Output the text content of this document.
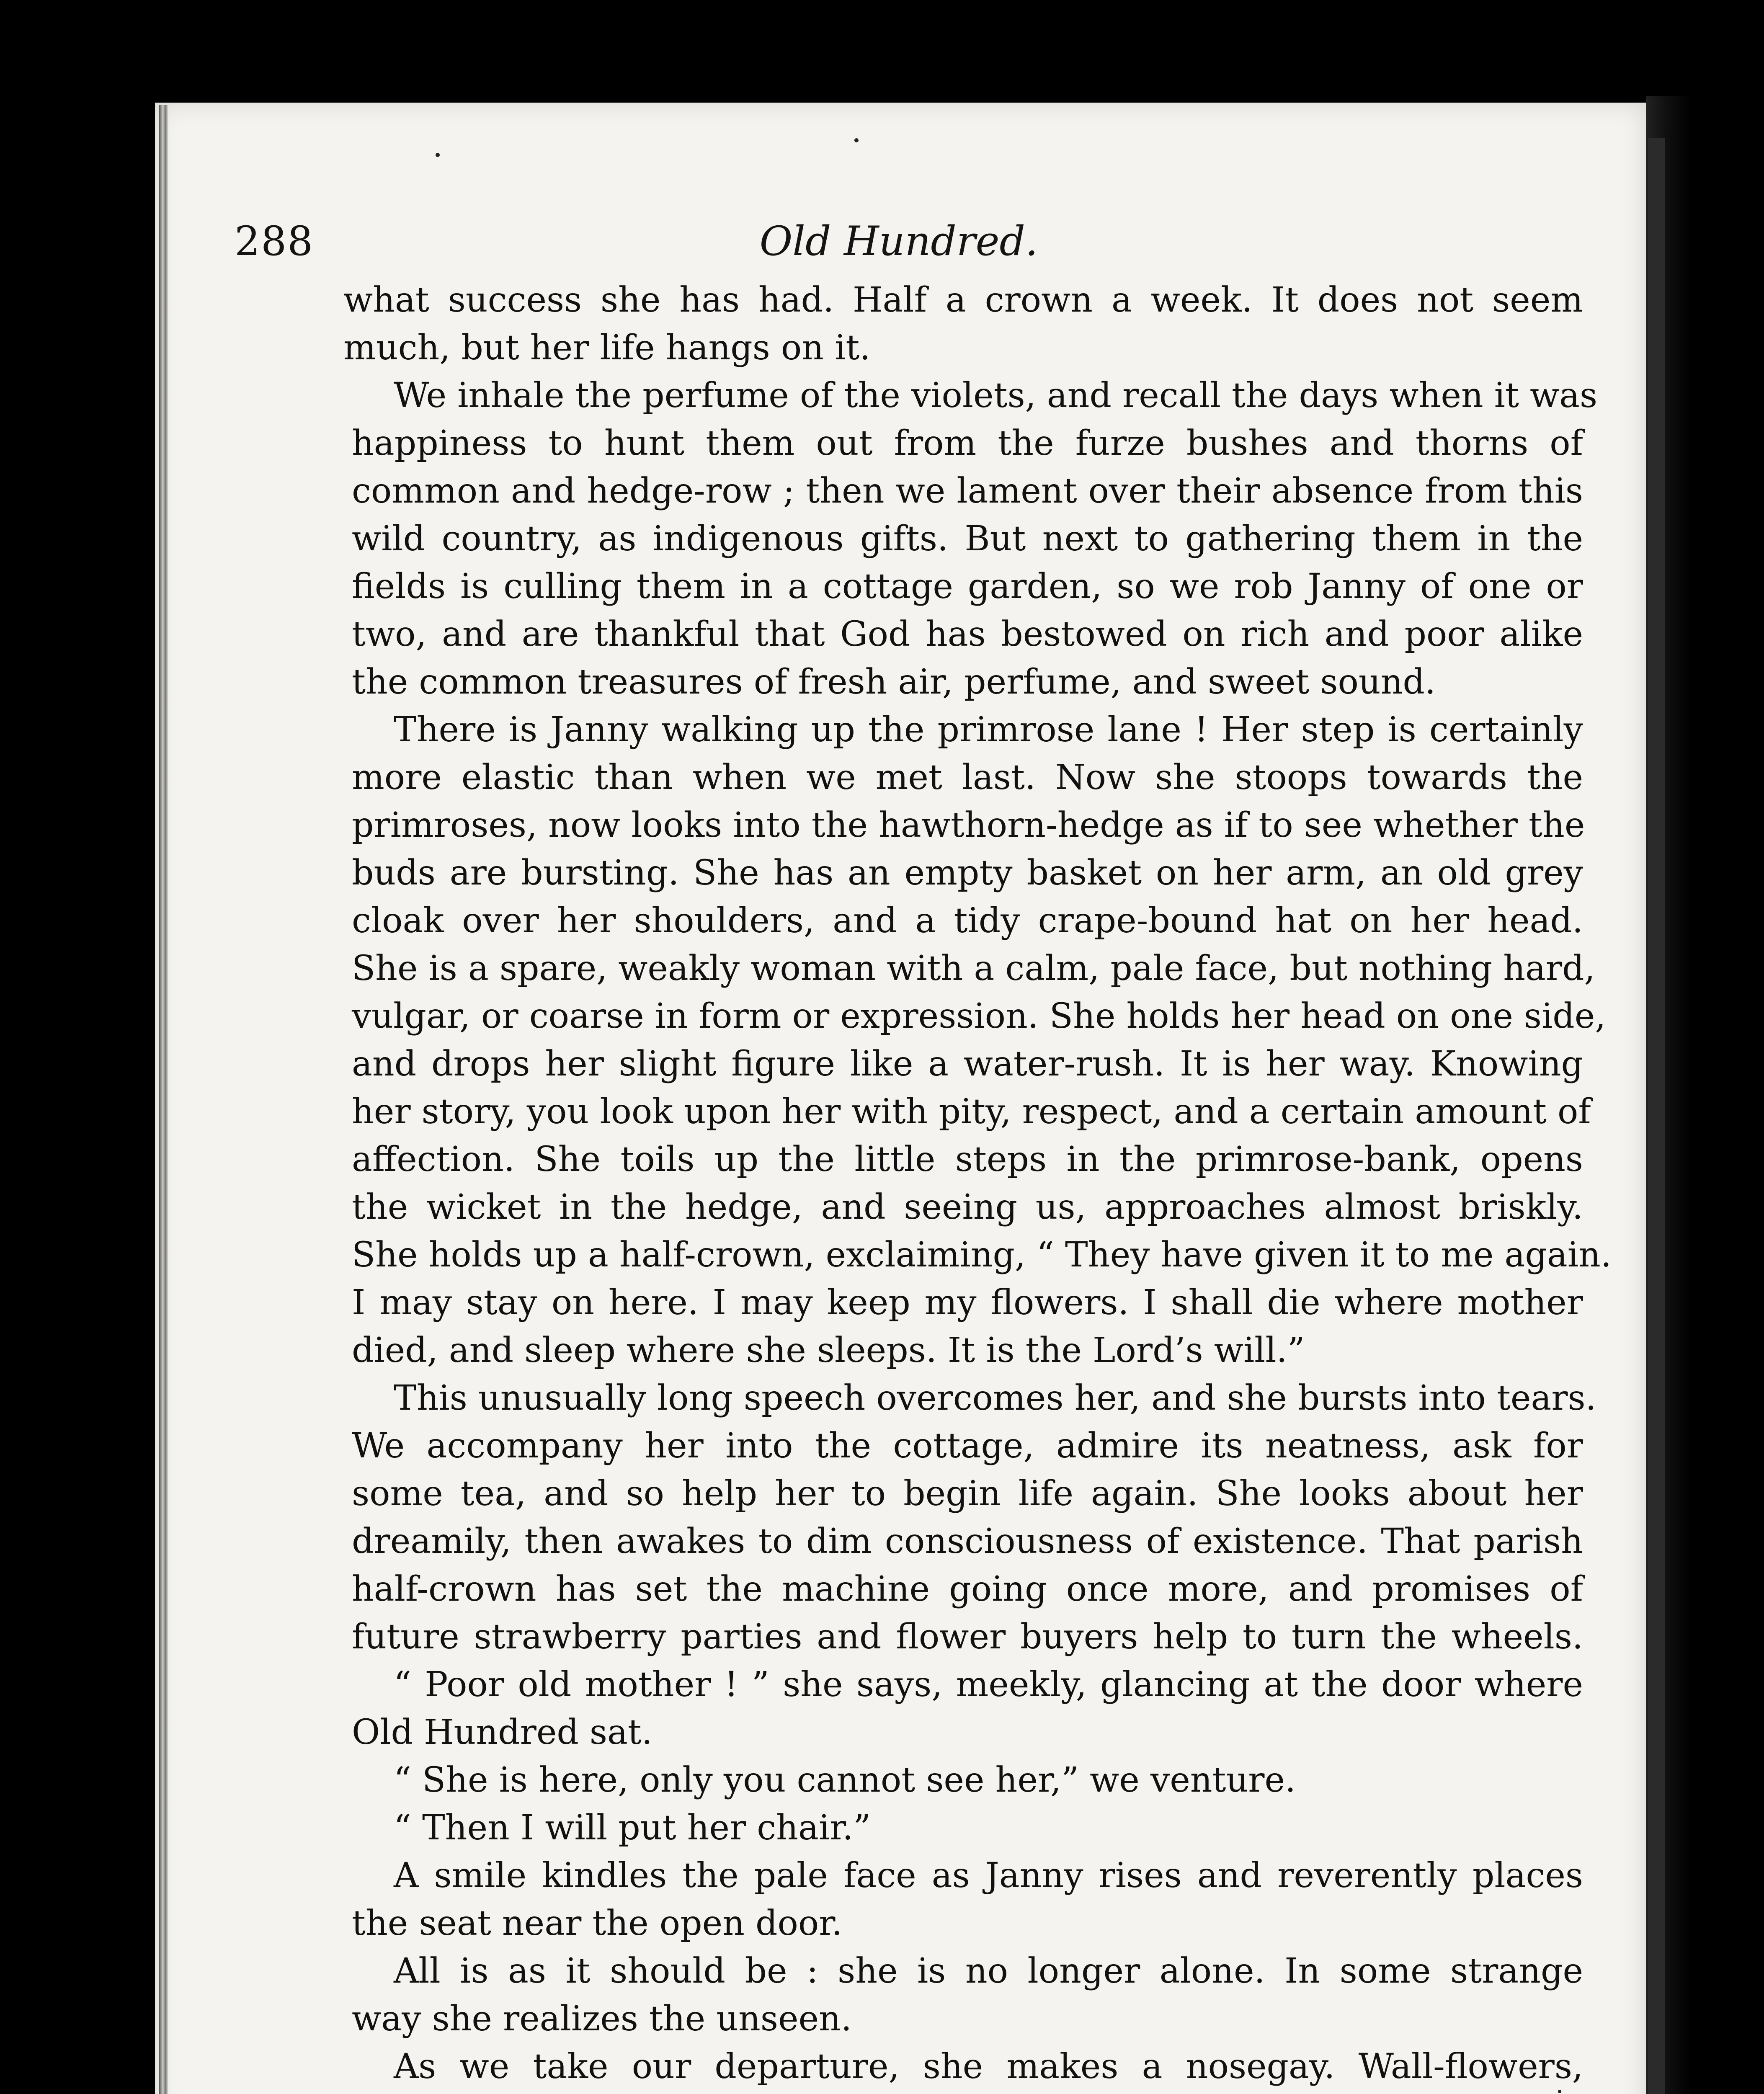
288	Old Hundred.
what success she has had. Half a crown a week. It does not seem
much, but her life hangs on it.
We inhale the perfume of the violets, and recall the days when it was
happiness to hunt them out from the furze bushes and thorns of
common and hedge-row ; then we lament over their absence from this
wild country, as indigenous gifts. But next to gathering them in the
fields is culling them in a cottage garden, so we rob Janny of one or
two, and are thankful that God has bestowed on rich and poor alike
the common treasures of fresh air, perfume, and sweet sound.
There is Janny walking up the primrose lane ! Her step is certainly
more elastic than when we met last. Now she stoops towards the
primroses, now looks into the hawthorn-hedge as if to see whether the
buds are bursting. She has an empty basket on her arm, an old grey
cloak over her shoulders, and a tidy crape-bound hat on her head.
She is a spare, weakly woman with a calm, pale face, but nothing hard,
vulgar, or coarse in form or expression. She holds her head on one side,
and drops her slight figure like a water-rush. It is her way. Knowing
her story, you look upon her with pity, respect, and a certain amount of
affection. She toils up the little steps in the primrose-bank, opens
the wicket in the hedge, and seeing us, approaches almost briskly.
She holds up a half-crown, exclaiming, “ They have given it to me again.
I may stay on here. I may keep my flowers. I shall die where mother
died, and sleep where she sleeps. It is the Lord’s will.”
This unusually long speech overcomes her, and she bursts into tears.
We accompany her into the cottage, admire its neatness, ask for
some tea, and so help her to begin life again. She looks about her
dreamily, then awakes to dim consciousness of existence. That parish
half-crown has set the machine going once more, and promises of
future strawberry parties and flower buyers help to turn the wheels.
“ Poor old mother ! ” she says, meekly, glancing at the door where
Old Hundred sat.
“ She is here, only you cannot see her,” we venture.
“ Then I will put her chair.”
A smile kindles the pale face as Janny rises and reverently places
the seat near the open door.
All is as it should be : she is no longer alone. In some strange
way she realizes the unseen.
As we take our departure, she makes a nosegay. Wall-flowers,
